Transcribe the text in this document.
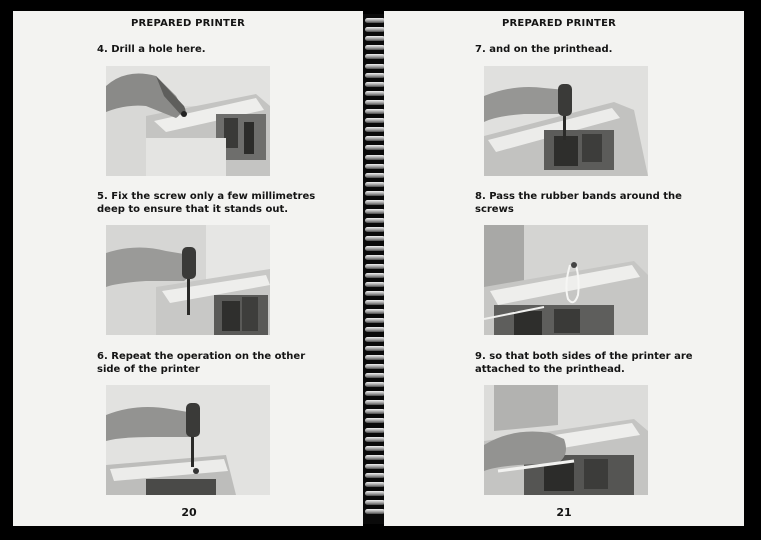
PREPARED PRINTER
4. Drill a hole here.
5. Fix the screw only a few millimetres deep to ensure that it stands out.
6. Repeat the operation on the other side of the printer
20
PREPARED PRINTER
7. and on the printhead.
8. Pass the rubber bands around the screws
9. so that both sides of the printer are attached to the printhead.
21
